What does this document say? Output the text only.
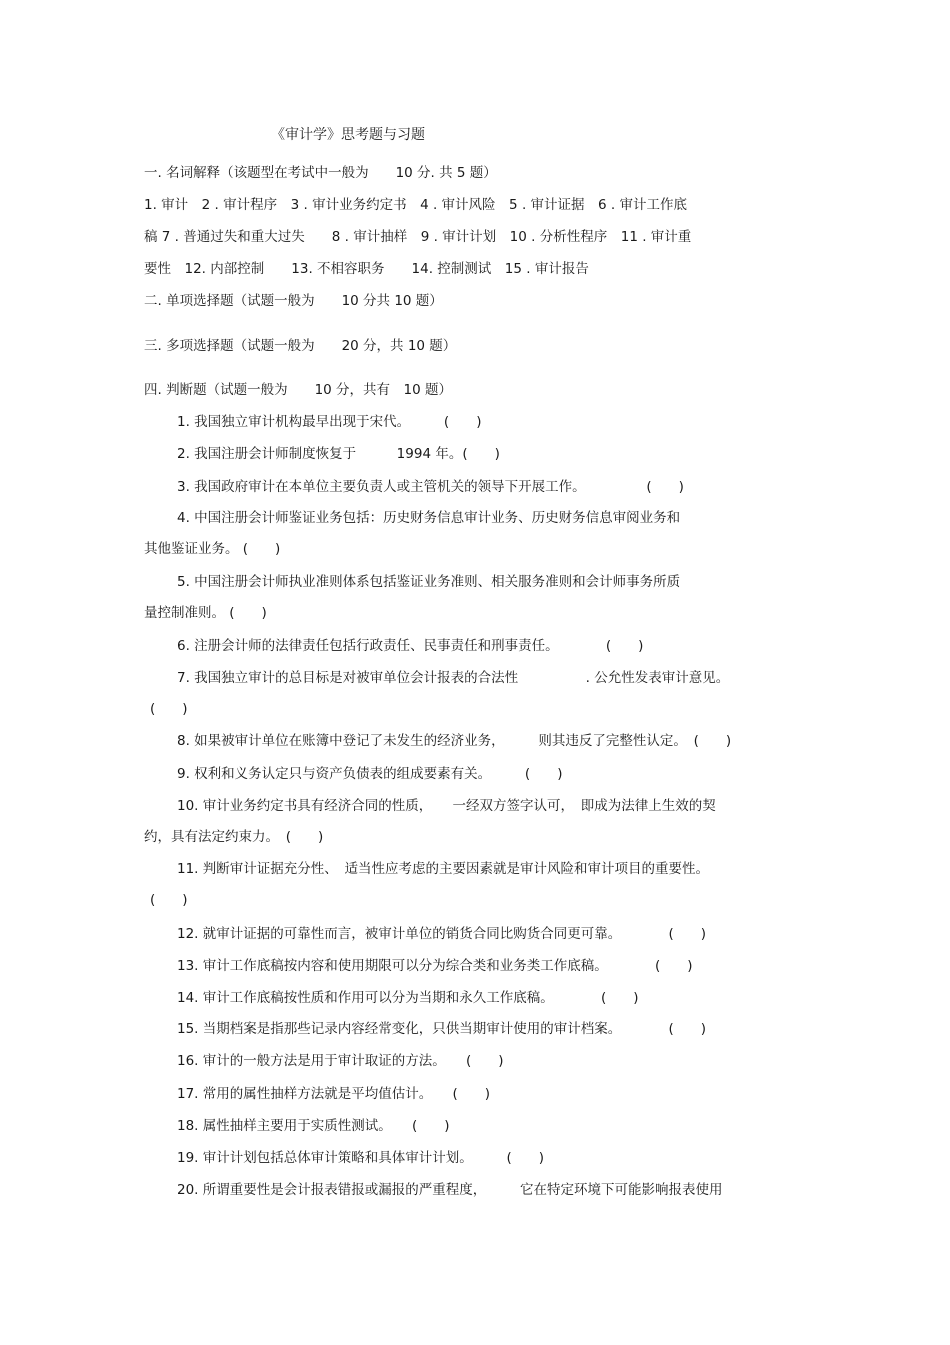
《审计学》思考题与习题
一. 名词解释（该题型在考试中一般为　　10 分. 共 5 题）
1. 审计　2 . 审计程序　3 . 审计业务约定书　4 . 审计风险　5 . 审计证据　6 . 审计工作底
稿 7 . 普通过失和重大过失　　8 . 审计抽样　9 . 审计计划　10 . 分析性程序　11 . 审计重
要性　12. 内部控制　　13. 不相容职务　　14. 控制测试　15 . 审计报告
二. 单项选择题（试题一般为　　10 分共 10 题）
三. 多项选择题（试题一般为　　20 分，共 10 题）
四. 判断题（试题一般为　　10 分，共有　10 题）
1. 我国独立审计机构最早出现于宋代。　　　(　　)
2. 我国注册会计师制度恢复于　　　1994 年。(　　)
3. 我国政府审计在本单位主要负责人或主管机关的领导下开展工作。　　　　　(　　)
4. 中国注册会计师鉴证业务包括：历史财务信息审计业务、历史财务信息审阅业务和
其他鉴证业务。 (　　)
5. 中国注册会计师执业准则体系包括鉴证业务准则、相关服务准则和会计师事务所质
量控制准则。 (　　)
6. 注册会计师的法律责任包括行政责任、民事责任和刑事责任。　　　　(　　)
7. 我国独立审计的总目标是对被审单位会计报表的合法性　　　　　. 公允性发表审计意见。
(　　)
8. 如果被审计单位在账簿中登记了未发生的经济业务，　　　则其违反了完整性认定。　(　　)
9. 权利和义务认定只与资产负债表的组成要素有关。　　　(　　)
10. 审计业务约定书具有经济合同的性质，　　一经双方签字认可，　即成为法律上生效的契
约，具有法定约束力。　(　　)
11. 判断审计证据充分性、　适当性应考虑的主要因素就是审计风险和审计项目的重要性。
(　　)
12. 就审计证据的可靠性而言，被审计单位的销货合同比购货合同更可靠。　　　　(　　)
13. 审计工作底稿按内容和使用期限可以分为综合类和业务类工作底稿。　　　　(　　)
14. 审计工作底稿按性质和作用可以分为当期和永久工作底稿。　　　　(　　)
15. 当期档案是指那些记录内容经常变化，只供当期审计使用的审计档案。　　　　(　　)
16. 审计的一般方法是用于审计取证的方法。　　(　　)
17. 常用的属性抽样方法就是平均值估计。　　(　　)
18. 属性抽样主要用于实质性测试。　　(　　)
19. 审计计划包括总体审计策略和具体审计计划。　　　(　　)
20. 所谓重要性是会计报表错报或漏报的严重程度，　　　它在特定环境下可能影响报表使用
